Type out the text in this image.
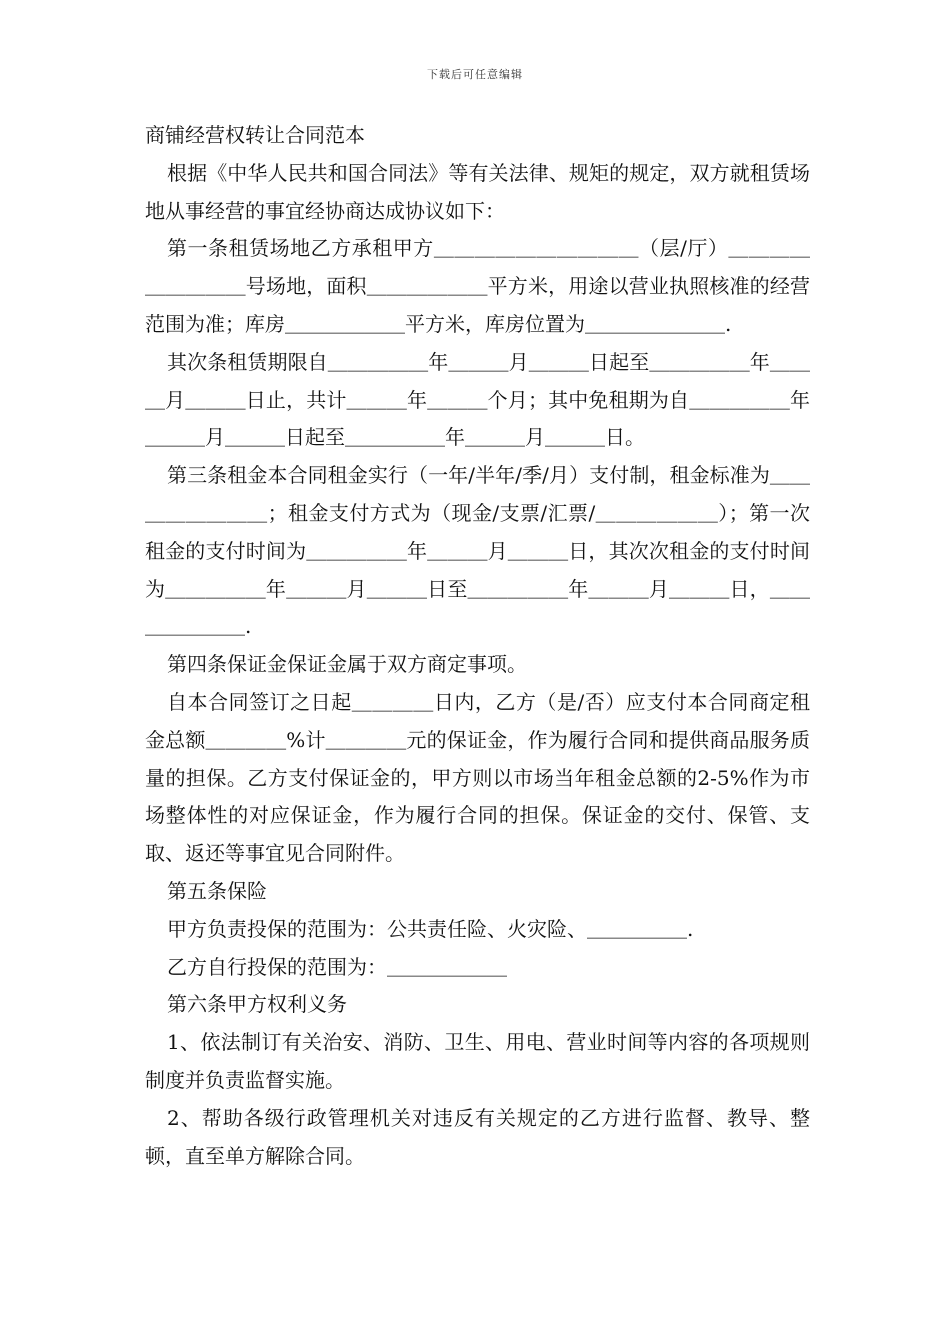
下载后可任意编辑

商铺经营权转让合同范本

根据《中华人民共和国合同法》等有关法律、规矩的规定，双方就租赁场地从事经营的事宜经协商达成协议如下：

第一条租赁场地乙方承租甲方＿＿＿＿＿＿＿＿＿＿（层/厅）＿＿＿＿＿＿＿＿＿号场地，面积＿＿＿＿＿＿平方米，用途以营业执照核准的经营范围为准；库房＿＿＿＿＿＿平方米，库房位置为＿＿＿＿＿＿＿.

其次条租赁期限自＿＿＿＿＿年＿＿＿月＿＿＿日起至＿＿＿＿＿年＿＿＿月＿＿＿日止，共计＿＿＿年＿＿＿个月；其中免租期为自＿＿＿＿＿年＿＿＿月＿＿＿日起至＿＿＿＿＿年＿＿＿月＿＿＿日。

第三条租金本合同租金实行（一年/半年/季/月）支付制，租金标准为＿＿＿＿＿＿＿＿；租金支付方式为（现金/支票/汇票/＿＿＿＿＿＿）；第一次租金的支付时间为＿＿＿＿＿年＿＿＿月＿＿＿日，其次次租金的支付时间为＿＿＿＿＿年＿＿＿月＿＿＿日至＿＿＿＿＿年＿＿＿月＿＿＿日，＿＿＿＿＿＿＿.

第四条保证金保证金属于双方商定事项。

自本合同签订之日起＿＿＿＿日内，乙方（是/否）应支付本合同商定租金总额＿＿＿＿%计＿＿＿＿元的保证金，作为履行合同和提供商品服务质量的担保。乙方支付保证金的，甲方则以市场当年租金总额的2-5%作为市场整体性的对应保证金，作为履行合同的担保。保证金的交付、保管、支取、返还等事宜见合同附件。

第五条保险

甲方负责投保的范围为：公共责任险、火灾险、＿＿＿＿＿.

乙方自行投保的范围为：＿＿＿＿＿＿

第六条甲方权利义务

1、依法制订有关治安、消防、卫生、用电、营业时间等内容的各项规则制度并负责监督实施。

2、帮助各级行政管理机关对违反有关规定的乙方进行监督、教导、整顿，直至单方解除合同。
